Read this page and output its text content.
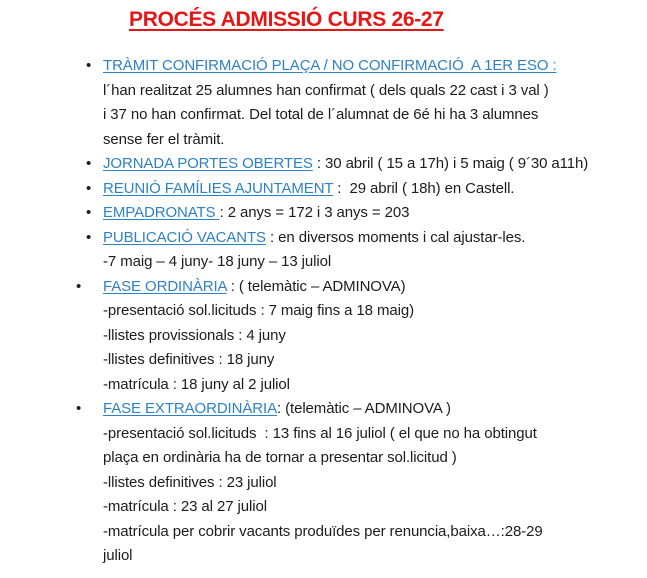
PROCÉS ADMISSIÓ CURS 26-27
• TRÀMIT CONFIRMACIÓ PLAÇA / NO CONFIRMACIÓ  A 1ER ESO :
l´han realitzat 25 alumnes han confirmat ( dels quals 22 cast i 3 val )
i 37 no han confirmat. Del total de l´alumnat de 6é hi ha 3 alumnes
sense fer el tràmit.
• JORNADA PORTES OBERTES : 30 abril ( 15 a 17h) i 5 maig ( 9´30 a11h)
• REUNIÓ FAMÍLIES AJUNTAMENT :  29 abril ( 18h) en Castell.
• EMPADRONATS : 2 anys = 172 i 3 anys = 203
• PUBLICACIÓ VACANTS : en diversos moments i cal ajustar-les.
-7 maig – 4 juny- 18 juny – 13 juliol
• FASE ORDINÀRIA : ( telemàtic – ADMINOVA)
-presentació sol.licituds : 7 maig fins a 18 maig)
-llistes provissionals : 4 juny
-llistes definitives : 18 juny
-matrícula : 18 juny al 2 juliol
• FASE EXTRAORDINÀRIA: (telemàtic – ADMINOVA )
-presentació sol.licituds  : 13 fins al 16 juliol ( el que no ha obtingut
plaça en ordinària ha de tornar a presentar sol.licitud )
-llistes definitives : 23 juliol
-matrícula : 23 al 27 juliol
-matrícula per cobrir vacants produïdes per renuncia,baixa…:28-29
juliol
